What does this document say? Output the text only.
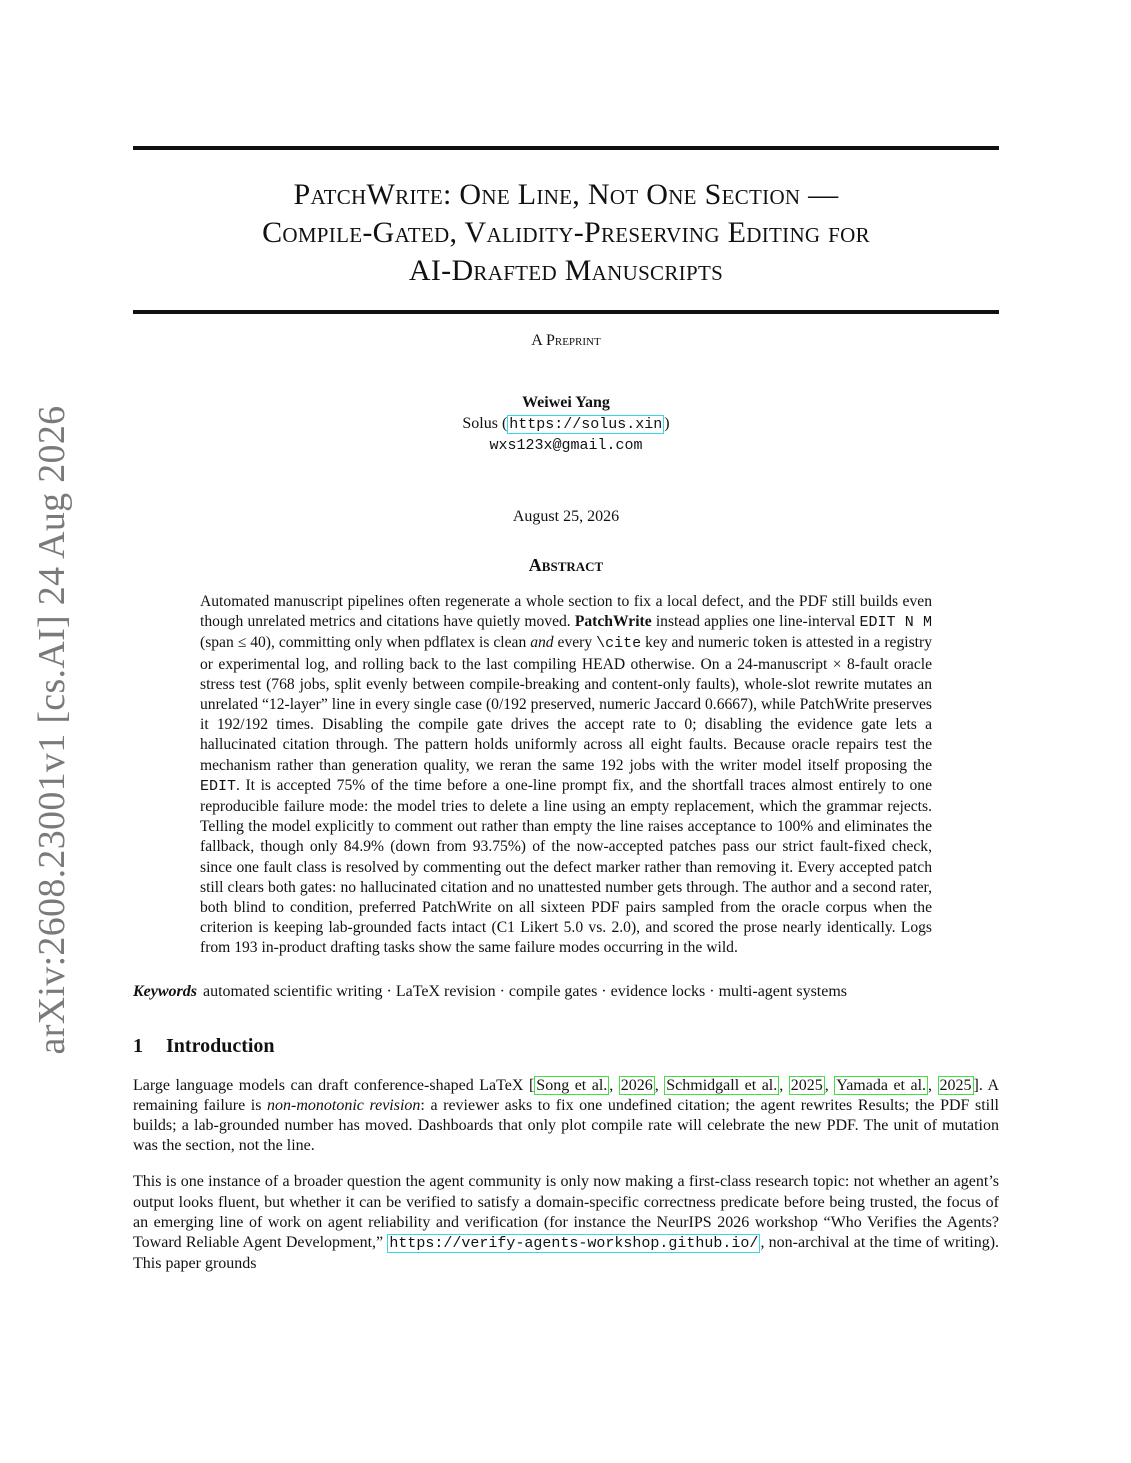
arXiv:2608.23001v1 [cs.AI] 24 Aug 2026
PatchWrite: One Line, Not One Section —
Compile-Gated, Validity-Preserving Editing for
AI-Drafted Manuscripts
A Preprint
Weiwei Yang
Solus ( https://solus.xin )
wxs123x@gmail.com
August 25, 2026
Abstract
Automated manuscript pipelines often regenerate a whole section to fix a local defect, and the PDF still builds even though unrelated metrics and citations have quietly moved. PatchWrite instead applies one line-interval EDIT N M (span ≤ 40), committing only when pdflatex is clean and every \cite key and numeric token is attested in a registry or experimental log, and rolling back to the last compiling HEAD otherwise. On a 24-manuscript × 8-fault oracle stress test (768 jobs, split evenly between compile-breaking and content-only faults), whole-slot rewrite mutates an unrelated “12-layer” line in every single case (0/192 preserved, numeric Jaccard 0.6667), while PatchWrite preserves it 192/192 times. Disabling the compile gate drives the accept rate to 0; disabling the evidence gate lets a hallucinated citation through. The pattern holds uniformly across all eight faults. Because oracle repairs test the mechanism rather than generation quality, we reran the same 192 jobs with the writer model itself proposing the EDIT. It is accepted 75% of the time before a one-line prompt fix, and the shortfall traces almost entirely to one reproducible failure mode: the model tries to delete a line using an empty replacement, which the grammar rejects. Telling the model explicitly to comment out rather than empty the line raises acceptance to 100% and eliminates the fallback, though only 84.9% (down from 93.75%) of the now-accepted patches pass our strict fault-fixed check, since one fault class is resolved by commenting out the defect marker rather than removing it. Every accepted patch still clears both gates: no hallucinated citation and no unattested number gets through. The author and a second rater, both blind to condition, preferred PatchWrite on all sixteen PDF pairs sampled from the oracle corpus when the criterion is keeping lab-grounded facts intact (C1 Likert 5.0 vs. 2.0), and scored the prose nearly identically. Logs from 193 in-product drafting tasks show the same failure modes occurring in the wild.
Keywords automated scientific writing · LaTeX revision · compile gates · evidence locks · multi-agent systems
1 Introduction

Large language models can draft conference-shaped LaTeX [ Song et al. , 2026 , Schmidgall et al. , 2025 , Yamada et al. , 2025 ]. A remaining failure is non-monotonic revision: a reviewer asks to fix one undefined citation; the agent rewrites Results; the PDF still builds; a lab-grounded number has moved. Dashboards that only plot compile rate will celebrate the new PDF. The unit of mutation was the section, not the line.

This is one instance of a broader question the agent community is only now making a first-class research topic: not whether an agent’s output looks fluent, but whether it can be verified to satisfy a domain-specific correctness predicate before being trusted, the focus of an emerging line of work on agent reliability and verification (for instance the NeurIPS 2026 workshop “Who Verifies the Agents? Toward Reliable Agent Development,” https://verify-agents-workshop.github.io/ , non-archival at the time of writing). This paper grounds
